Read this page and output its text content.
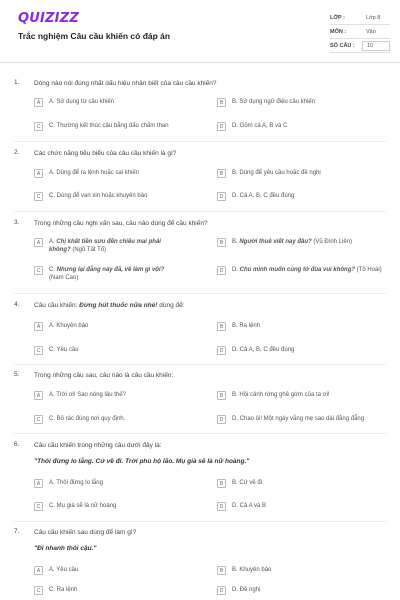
QUIZIZZ
Trắc nghiệm Câu cầu khiến có đáp án
LỚP :	Lớp 8
MÔN :	Văn
SỐ CÂU :	10
1. Dòng nào nói đúng nhất dấu hiệu nhận biết của câu cầu khiến?
A	A. Sử dụng từ cầu khiến	B	B. Sử dụng ngữ điệu cầu khiến
C	C. Thường kết thúc câu bằng dấu chấm than	D	D. Gồm cả A, B và C
2. Các chức năng tiêu biểu của câu cầu khiến là gì?
A	A. Dùng để ra lệnh hoặc sai khiến	B	B. Dùng để yêu cầu hoặc đề nghị
C	C. Dùng để van xin hoặc khuyên bảo	D	D. Cả A, B, C đều đúng
3. Trong những câu nghi vấn sau, câu nào dùng để cầu khiến?
A	A. Chị khất tiền sưu đến chiều mai phải không? (Ngô Tất Tố)
B	B. Người thuê viết nay đâu? (Vũ Đình Liên)
C	C. Nhưng lại đằng này đã, về làm gì vội? (Nam Cao)
D	D. Chú mình muốn cùng tớ đùa vui không? (Tô Hoài)
4. Câu cầu khiến: Đừng hút thuốc nữa nhé! dùng để:
A	A. Khuyên bảo	B	B. Ra lệnh
C	C. Yêu cầu	D	D. Cả A, B, C đều đúng
5. Trong những câu sau, câu nào là câu cầu khiến:
A	A. Trời ơi! Sao nóng lâu thế?	B	B. Hồi cảnh rừng ghê gớm của ta ơi!
C	C. Bỏ rác đúng nơi quy định.	D	D. Chao ôi! Một ngày vắng mẹ sao dài đằng đẵng
6. Câu cầu khiến trong những câu dưới đây là:
"Thôi đừng lo lắng. Cứ về đi. Trời phù hộ lão. Mụ già sẽ là nữ hoàng."
A	A. Thôi đừng lo lắng	B	B. Cứ về đi
C	C. Mụ già sẽ là nữ hoàng	D	D. Cả A và B
7. Câu cầu khiến sau dùng để làm gì?
"Đi nhanh thôi cậu."
A	A. Yêu cầu	B	B. Khuyên bảo
C	C. Ra lệnh	D	D. Đề nghị
